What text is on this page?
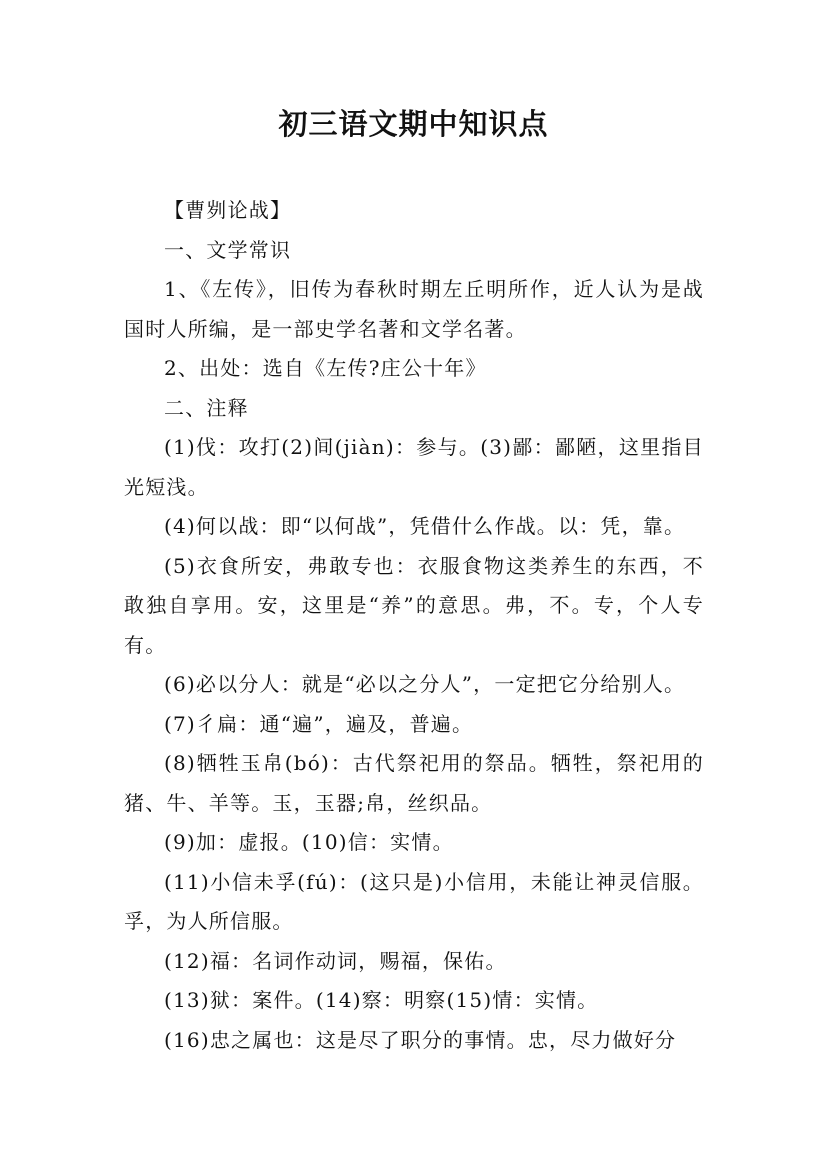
初三语文期中知识点

【曹刿论战】

一、文学常识

1、《左传》，旧传为春秋时期左丘明所作，近人认为是战国时人所编，是一部史学名著和文学名著。

2、出处：选自《左传?庄公十年》

二、注释

(1)伐：攻打(2)间(jiàn)：参与。(3)鄙：鄙陋，这里指目光短浅。

(4)何以战：即“以何战”，凭借什么作战。以：凭，靠。

(5)衣食所安，弗敢专也：衣服食物这类养生的东西，不敢独自享用。安，这里是“养”的意思。弗，不。专，个人专有。

(6)必以分人：就是“必以之分人”，一定把它分给别人。

(7)彳扁：通“遍”，遍及，普遍。

(8)牺牲玉帛(bó)：古代祭祀用的祭品。牺牲，祭祀用的猪、牛、羊等。玉，玉器;帛，丝织品。

(9)加：虚报。(10)信：实情。

(11)小信未孚(fú)：(这只是)小信用，未能让神灵信服。孚，为人所信服。

(12)福：名词作动词，赐福，保佑。

(13)狱：案件。(14)察：明察(15)情：实情。

(16)忠之属也：这是尽了职分的事情。忠，尽力做好分
